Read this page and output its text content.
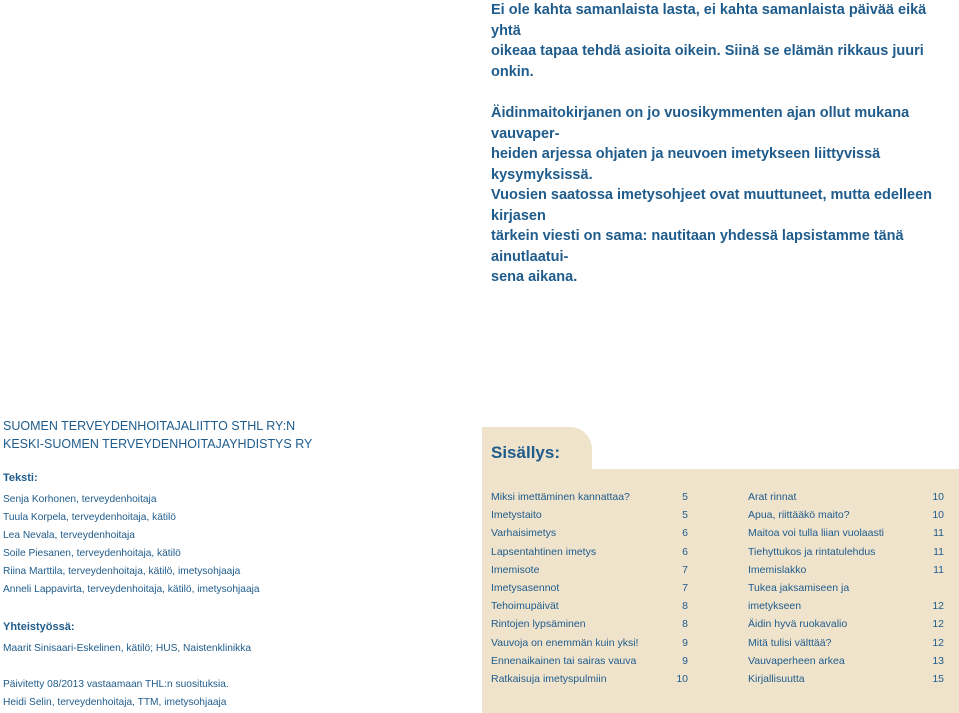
Ei ole kahta samanlaista lasta, ei kahta samanlaista päivää eikä yhtä
oikeaa tapaa tehdä asioita oikein. Siinä se elämän rikkaus juuri onkin.

Äidinmaitokirjanen on jo vuosikymmenten ajan ollut mukana vauvaper-
heiden arjessa ohjaten ja neuvoen imetykseen liittyvissä kysymyksissä.
Vuosien saatossa imetysohjeet ovat muuttuneet, mutta edelleen kirjasen
tärkein viesti on sama: nautitaan yhdessä lapsistamme tänä ainutlaatui-
sena aikana.

SUOMEN TERVEYDENHOITAJALIITTO STHL RY:N
KESKI-SUOMEN TERVEYDENHOITAJAYHDISTYS RY
Teksti:
Senja Korhonen, terveydenhoitaja
Tuula Korpela, terveydenhoitaja, kätilö
Lea Nevala, terveydenhoitaja
Soile Piesanen, terveydenhoitaja, kätilö
Riina Marttila, terveydenhoitaja, kätilö, imetysohjaaja
Anneli Lappavirta, terveydenhoitaja, kätilö, imetysohjaaja
Yhteistyössä:
Maarit Sinisaari-Eskelinen, kätilö; HUS, Naistenklinikka
Päivitetty 08/2013 vastaamaan THL:n suosituksia.
Heidi Selin, terveydenhoitaja, TTM, imetysohjaaja
Sisällys:
Miksi imettäminen kannattaa?	5
Imetystaito	5
Varhaisimetys	6
Lapsentahtinen imetys	6
Imemisote	7
Imetysasennot	7
Tehoimupäivät	8
Rintojen lypsäminen	8
Vauvoja on enemmän kuin yksi!	9
Ennenaikainen tai sairas vauva	9
Ratkaisuja imetyspulmiin	10
Arat rinnat	10
Apua, riittääkö maito?	10
Maitoa voi tulla liian vuolaasti	11
Tiehyttukos ja rintatulehdus	11
Imemislakko	11
Tukea jaksamiseen ja
imetykseen	12
Äidin hyvä ruokavalio	12
Mitä tulisi välttää?	12
Vauvaperheen arkea	13
Kirjallisuutta	15
